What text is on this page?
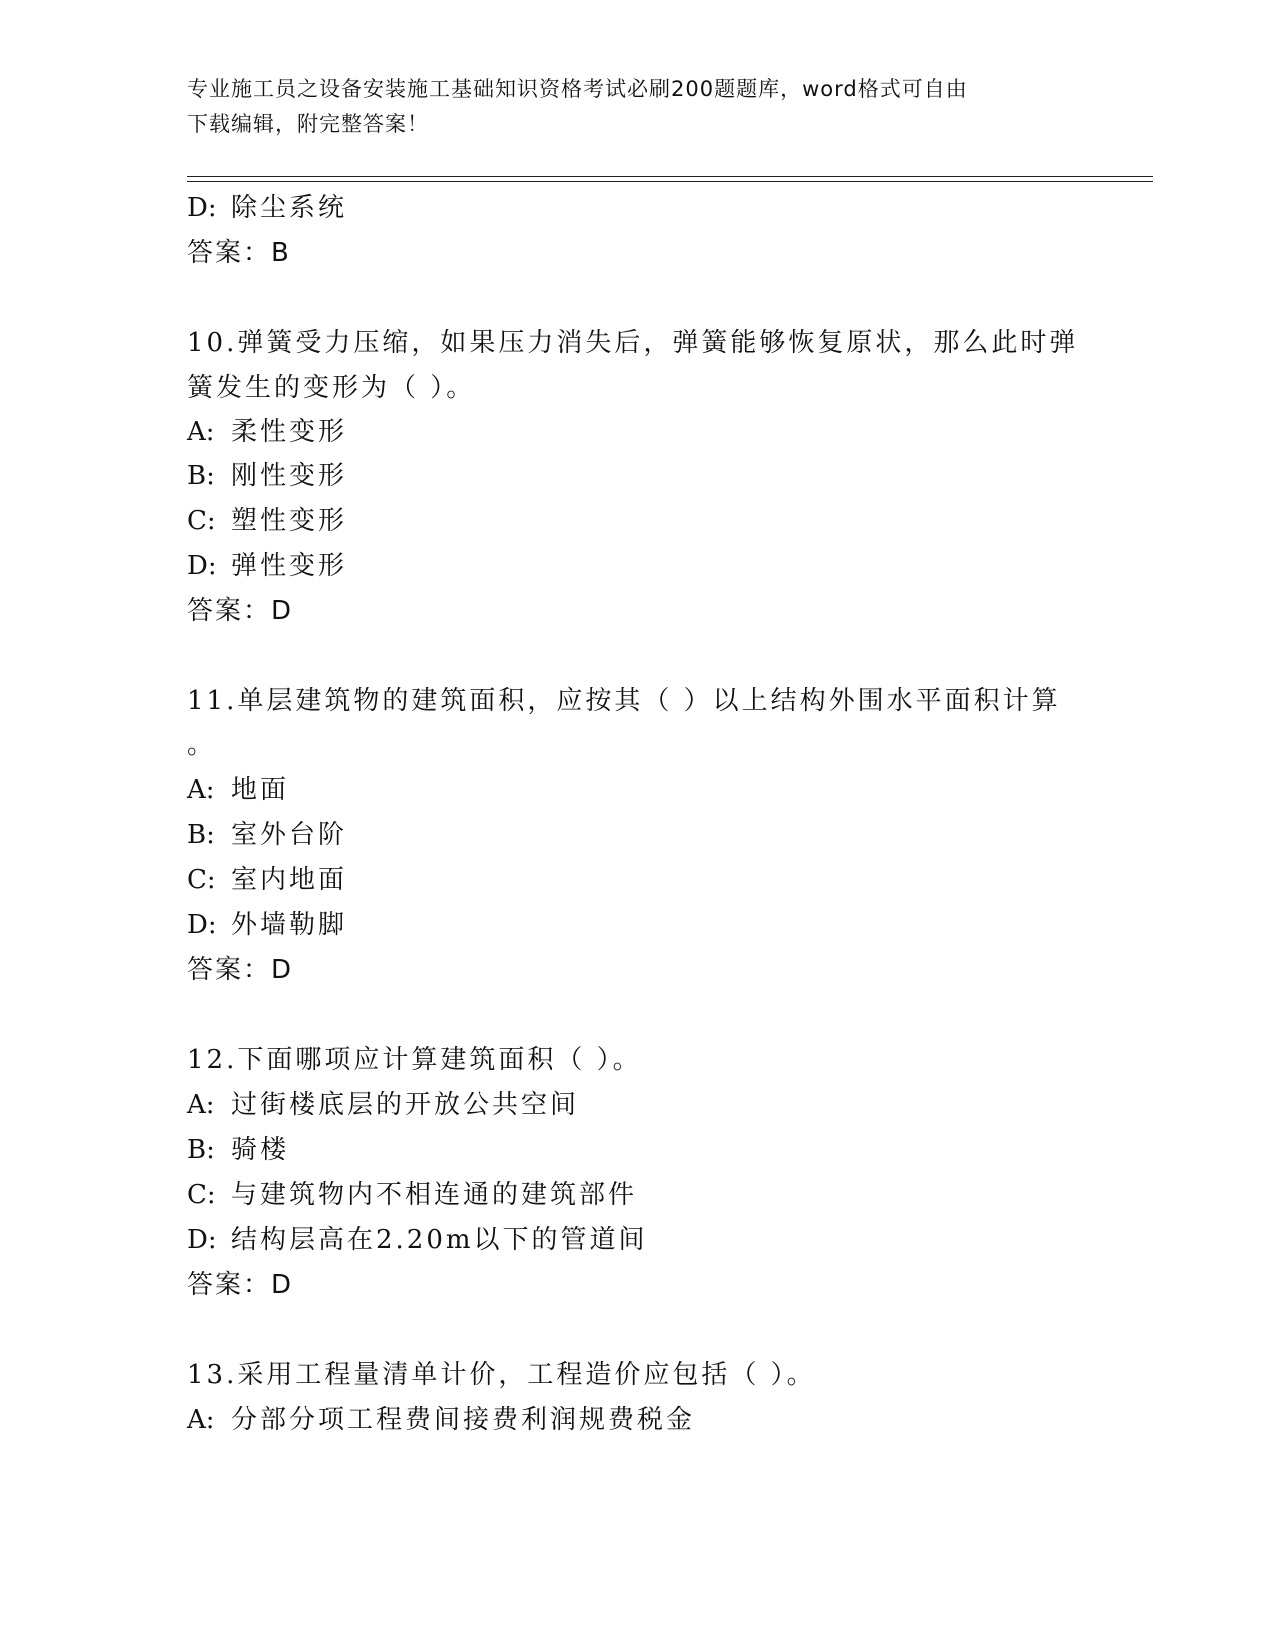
专业施工员之设备安装施工基础知识资格考试必刷200题题库，word格式可自由
下载编辑，附完整答案！
D: 除尘系统
答案：B
10.弹簧受力压缩，如果压力消失后，弹簧能够恢复原状，那么此时弹
簧发生的变形为（ ）。
A: 柔性变形
B: 刚性变形
C: 塑性变形
D: 弹性变形
答案：D
11.单层建筑物的建筑面积，应按其（ ）以上结构外围水平面积计算
。
A: 地面
B: 室外台阶
C: 室内地面
D: 外墙勒脚
答案：D
12.下面哪项应计算建筑面积（ ）。
A: 过街楼底层的开放公共空间
B: 骑楼
C: 与建筑物内不相连通的建筑部件
D: 结构层高在2.20m以下的管道间
答案：D
13.采用工程量清单计价，工程造价应包括（ ）。
A: 分部分项工程费间接费利润规费税金
